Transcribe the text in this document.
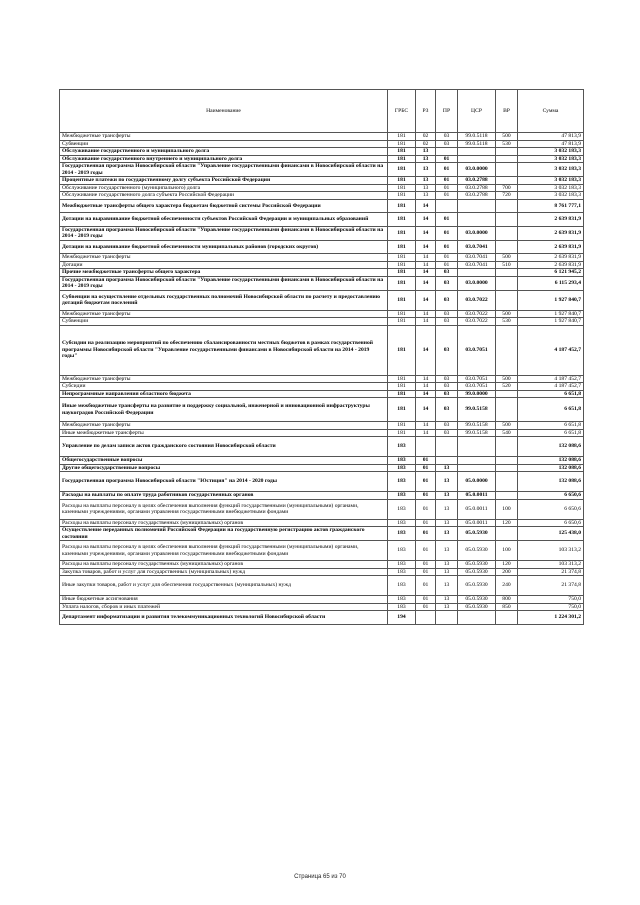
Наименование	ГРБС	РЗ	ПР	ЦСР	ВР	Сумма
Межбюджетные трансферты	181	02	03	99.0.5118	500	47 813,9
Субвенции	181	02	03	99.0.5118	530	47 813,9
Обслуживание государственного и муниципального долга	181	13				3 032 183,3
Обслуживание государственного внутреннего и муниципального долга	181	13	01			3 032 183,3
Государственная программа Новосибирской области "Управление государственными финансами в Новосибирской области на 2014 - 2019 годы	181	13	01	03.0.0000		3 032 183,3
Процентные платежи по государственному долгу субъекта Российской Федерации	181	13	01	03.0.2788		3 032 183,3
Обслуживание государственного (муниципального) долга	181	13	01	03.0.2788	700	3 032 183,3
Обслуживание государственного долга субъекта Российской Федерации	181	13	01	03.0.2788	720	3 032 183,3
Межбюджетные трансферты общего характера бюджетам бюджетной системы Российской Федерации	181	14				8 761 777,1
Дотации на выравнивание бюджетной обеспеченности субъектов Российской Федерации и муниципальных образований	181	14	01			2 639 831,9
Государственная программа Новосибирской области "Управление государственными финансами в Новосибирской области на 2014 - 2019 годы	181	14	01	03.0.0000		2 639 831,9
Дотации на выравнивание бюджетной обеспеченности муниципальных районов (городских округов)	181	14	01	03.0.7041		2 639 831,9
Межбюджетные трансферты	181	14	01	03.0.7041	500	2 639 831,9
Дотации	181	14	01	03.0.7041	510	2 639 831,9
Прочие межбюджетные трансферты общего характера	181	14	03			6 121 945,2
Государственная программа Новосибирской области "Управление государственными финансами в Новосибирской области на 2014 - 2019 годы	181	14	03	03.0.0000		6 115 293,4
Субвенции на осуществление отдельных государственных полномочий Новосибирской области по расчету и предоставлению дотаций бюджетам поселений	181	14	03	03.0.7022		1 927 840,7
Межбюджетные трансферты	181	14	03	03.0.7022	500	1 927 840,7
Субвенции	181	14	03	03.0.7022	530	1 927 840,7
Субсидии на реализацию мероприятий по обеспечению сбалансированности местных бюджетов в рамках государственной программы Новосибирской области "Управление государственными финансами в Новосибирской области на 2014 - 2019 годы"	181	14	03	03.0.7051		4 187 452,7
Межбюджетные трансферты	181	14	03	03.0.7051	500	4 187 452,7
Субсидии	181	14	03	03.0.7051	520	4 187 452,7
Непрограммные направления областного бюджета	181	14	03	99.0.0000		6 651,8
Иные межбюджетные трансферты на развитие и поддержку социальной, инженерной и инновационной инфраструктуры наукоградов Российской Федерации	181	14	03	99.0.5158		6 651,8
Межбюджетные трансферты	181	14	03	99.0.5158	500	6 651,8
Иные межбюджетные трансферты	181	14	03	99.0.5158	540	6 651,8
Управление по делам записи актов гражданского состояния Новосибирской области	183					132 088,6
Общегосударственные вопросы	183	01				132 088,6
Другие общегосударственные вопросы	183	01	13			132 088,6
Государственная программа Новосибирской области "Юстиция" на 2014 - 2020 годы	183	01	13	05.0.0000		132 088,6
Расходы на выплаты по оплате труда работников государственных органов	183	01	13	05.0.0011		6 650,6
Расходы на выплаты персоналу в целях обеспечения выполнения функций государственными (муниципальными) органами, казенными учреждениями, органами управления государственными внебюджетными фондами	183	01	13	05.0.0011	100	6 650,6
Расходы на выплаты персоналу государственных (муниципальных) органов	183	01	13	05.0.0011	120	6 650,6
Осуществление переданных полномочий Российской Федерации на государственную регистрацию актов гражданского состояния	183	01	13	05.0.5930		125 438,0
Расходы на выплаты персоналу в целях обеспечения выполнения функций государственными (муниципальными) органами, казенными учреждениями, органами управления государственными внебюджетными фондами	183	01	13	05.0.5930	100	103 313,2
Расходы на выплаты персоналу государственных (муниципальных) органов	183	01	13	05.0.5930	120	103 313,2
Закупка товаров, работ и услуг для государственных (муниципальных) нужд	183	01	13	05.0.5930	200	21 374,8
Иные закупки товаров, работ и услуг для обеспечения государственных (муниципальных) нужд	183	01	13	05.0.5930	240	21 374,8
Иные бюджетные ассигнования	183	01	13	05.0.5930	800	750,0
Уплата налогов, сборов и иных платежей	183	01	13	05.0.5930	850	750,0
Департамент информатизации и развития телекоммуникационных технологий Новосибирской области	194					1 224 301,2
Страница 65 из 70
